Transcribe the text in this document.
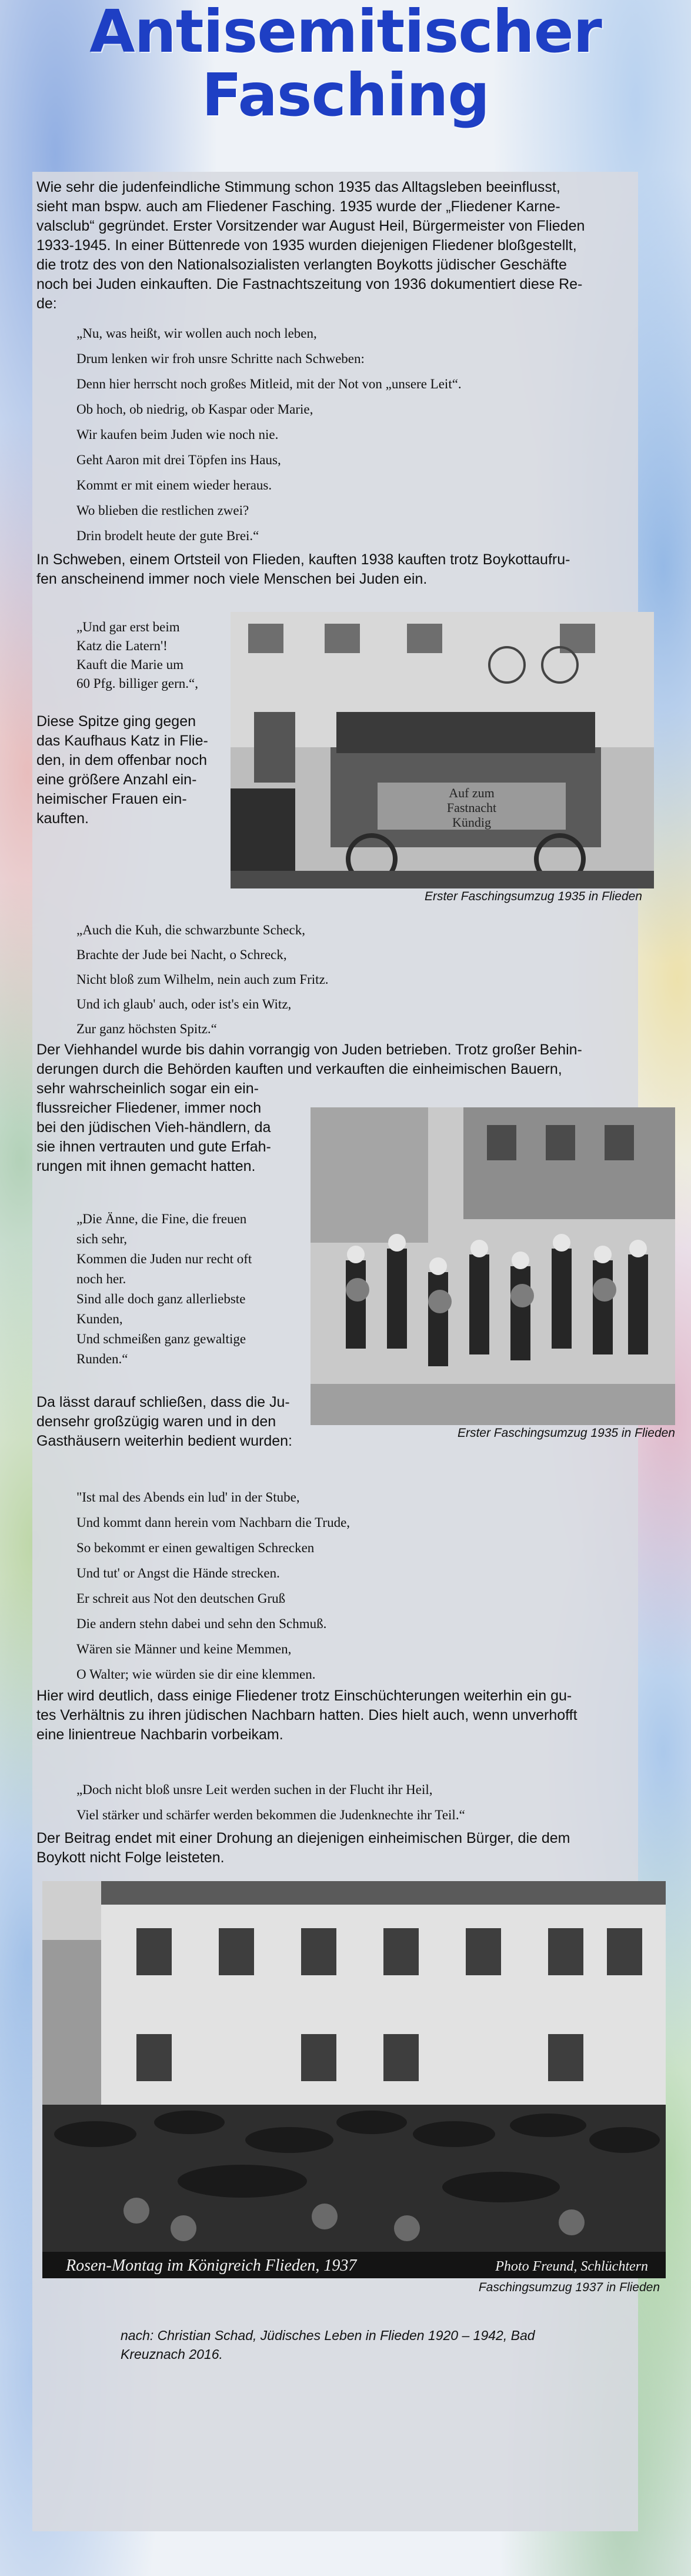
Antisemitischer
Fasching
Wie sehr die judenfeindliche Stimmung schon 1935 das Alltagsleben beeinflusst,
sieht man bspw. auch am Fliedener Fasching. 1935 wurde der „Fliedener Karne-
valsclub“ gegründet. Erster Vorsitzender war August Heil, Bürgermeister von Flieden
1933-1945. In einer Büttenrede von 1935 wurden diejenigen Fliedener bloßgestellt,
die trotz des von den Nationalsozialisten verlangten Boykotts jüdischer Geschäfte
noch bei Juden einkauften. Die Fastnachtszeitung von 1936 dokumentiert diese Re-
de:
„Nu, was heißt, wir wollen auch noch leben,
Drum lenken wir froh unsre Schritte nach Schweben:
Denn hier herrscht noch großes Mitleid, mit der Not von „unsere Leit“.
Ob hoch, ob niedrig, ob Kaspar oder Marie,
Wir kaufen beim Juden wie noch nie.
Geht Aaron mit drei Töpfen ins Haus,
Kommt er mit einem wieder heraus.
Wo blieben die restlichen zwei?
Drin brodelt heute der gute Brei.“
In Schweben, einem Ortsteil von Flieden, kauften 1938 kauften trotz Boykottaufru-
fen anscheinend immer noch viele Menschen bei Juden ein.
„Und gar erst beim
Katz die Latern'!
Kauft die Marie um
60 Pfg. billiger gern.“,
Diese Spitze ging gegen
das Kaufhaus Katz in Flie-
den, in dem offenbar noch
eine größere Anzahl ein-
heimischer Frauen ein-
kauften.
Auf zum
Fastnacht
Kündig
Erster Faschingsumzug 1935 in Flieden
„Auch die Kuh, die schwarzbunte Scheck,
Brachte der Jude bei Nacht, o Schreck,
Nicht bloß zum Wilhelm, nein auch zum Fritz.
Und ich glaub' auch, oder ist's ein Witz,
Zur ganz höchsten Spitz.“
Der Viehhandel wurde bis dahin vorrangig von Juden betrieben. Trotz großer Behin-
derungen durch die Behörden kauften und verkauften die einheimischen Bauern,
sehr wahrscheinlich sogar ein ein-
flussreicher Fliedener, immer noch
bei den jüdischen Vieh-händlern, da
sie ihnen vertrauten und gute Erfah-
rungen mit ihnen gemacht hatten.
„Die Änne, die Fine, die freuen
sich sehr,
Kommen die Juden nur recht oft
noch her.
Sind alle doch ganz allerliebste
Kunden,
Und schmeißen ganz gewaltige
Runden.“
Da lässt darauf schließen, dass die Ju-
densehr großzügig waren und in den
Gasthäusern weiterhin bedient wurden:	Erster Faschingsumzug 1935 in Flieden
"Ist mal des Abends ein lud' in der Stube,
Und kommt dann herein vom Nachbarn die Trude,
So bekommt er einen gewaltigen Schrecken
Und tut' or Angst die Hände strecken.
Er schreit aus Not den deutschen Gruß
Die andern stehn dabei und sehn den Schmuß.
Wären sie Männer und keine Memmen,
O Walter; wie würden sie dir eine klemmen.
Hier wird deutlich, dass einige Fliedener trotz Einschüchterungen weiterhin ein gu-
tes Verhältnis zu ihren jüdischen Nachbarn hatten. Dies hielt auch, wenn unverhofft
eine linientreue Nachbarin vorbeikam.
„Doch nicht bloß unsre Leit werden suchen in der Flucht ihr Heil,
Viel stärker und schärfer werden bekommen die Judenknechte ihr Teil.“
Der Beitrag endet mit einer Drohung an diejenigen einheimischen Bürger, die dem
Boykott nicht Folge leisteten.
Rosen-Montag im Königreich Flieden, 1937	Photo Freund, Schlüchtern
Faschingsumzug 1937 in Flieden
nach: Christian Schad, Jüdisches Leben in Flieden 1920 – 1942, Bad Kreuznach 2016.
